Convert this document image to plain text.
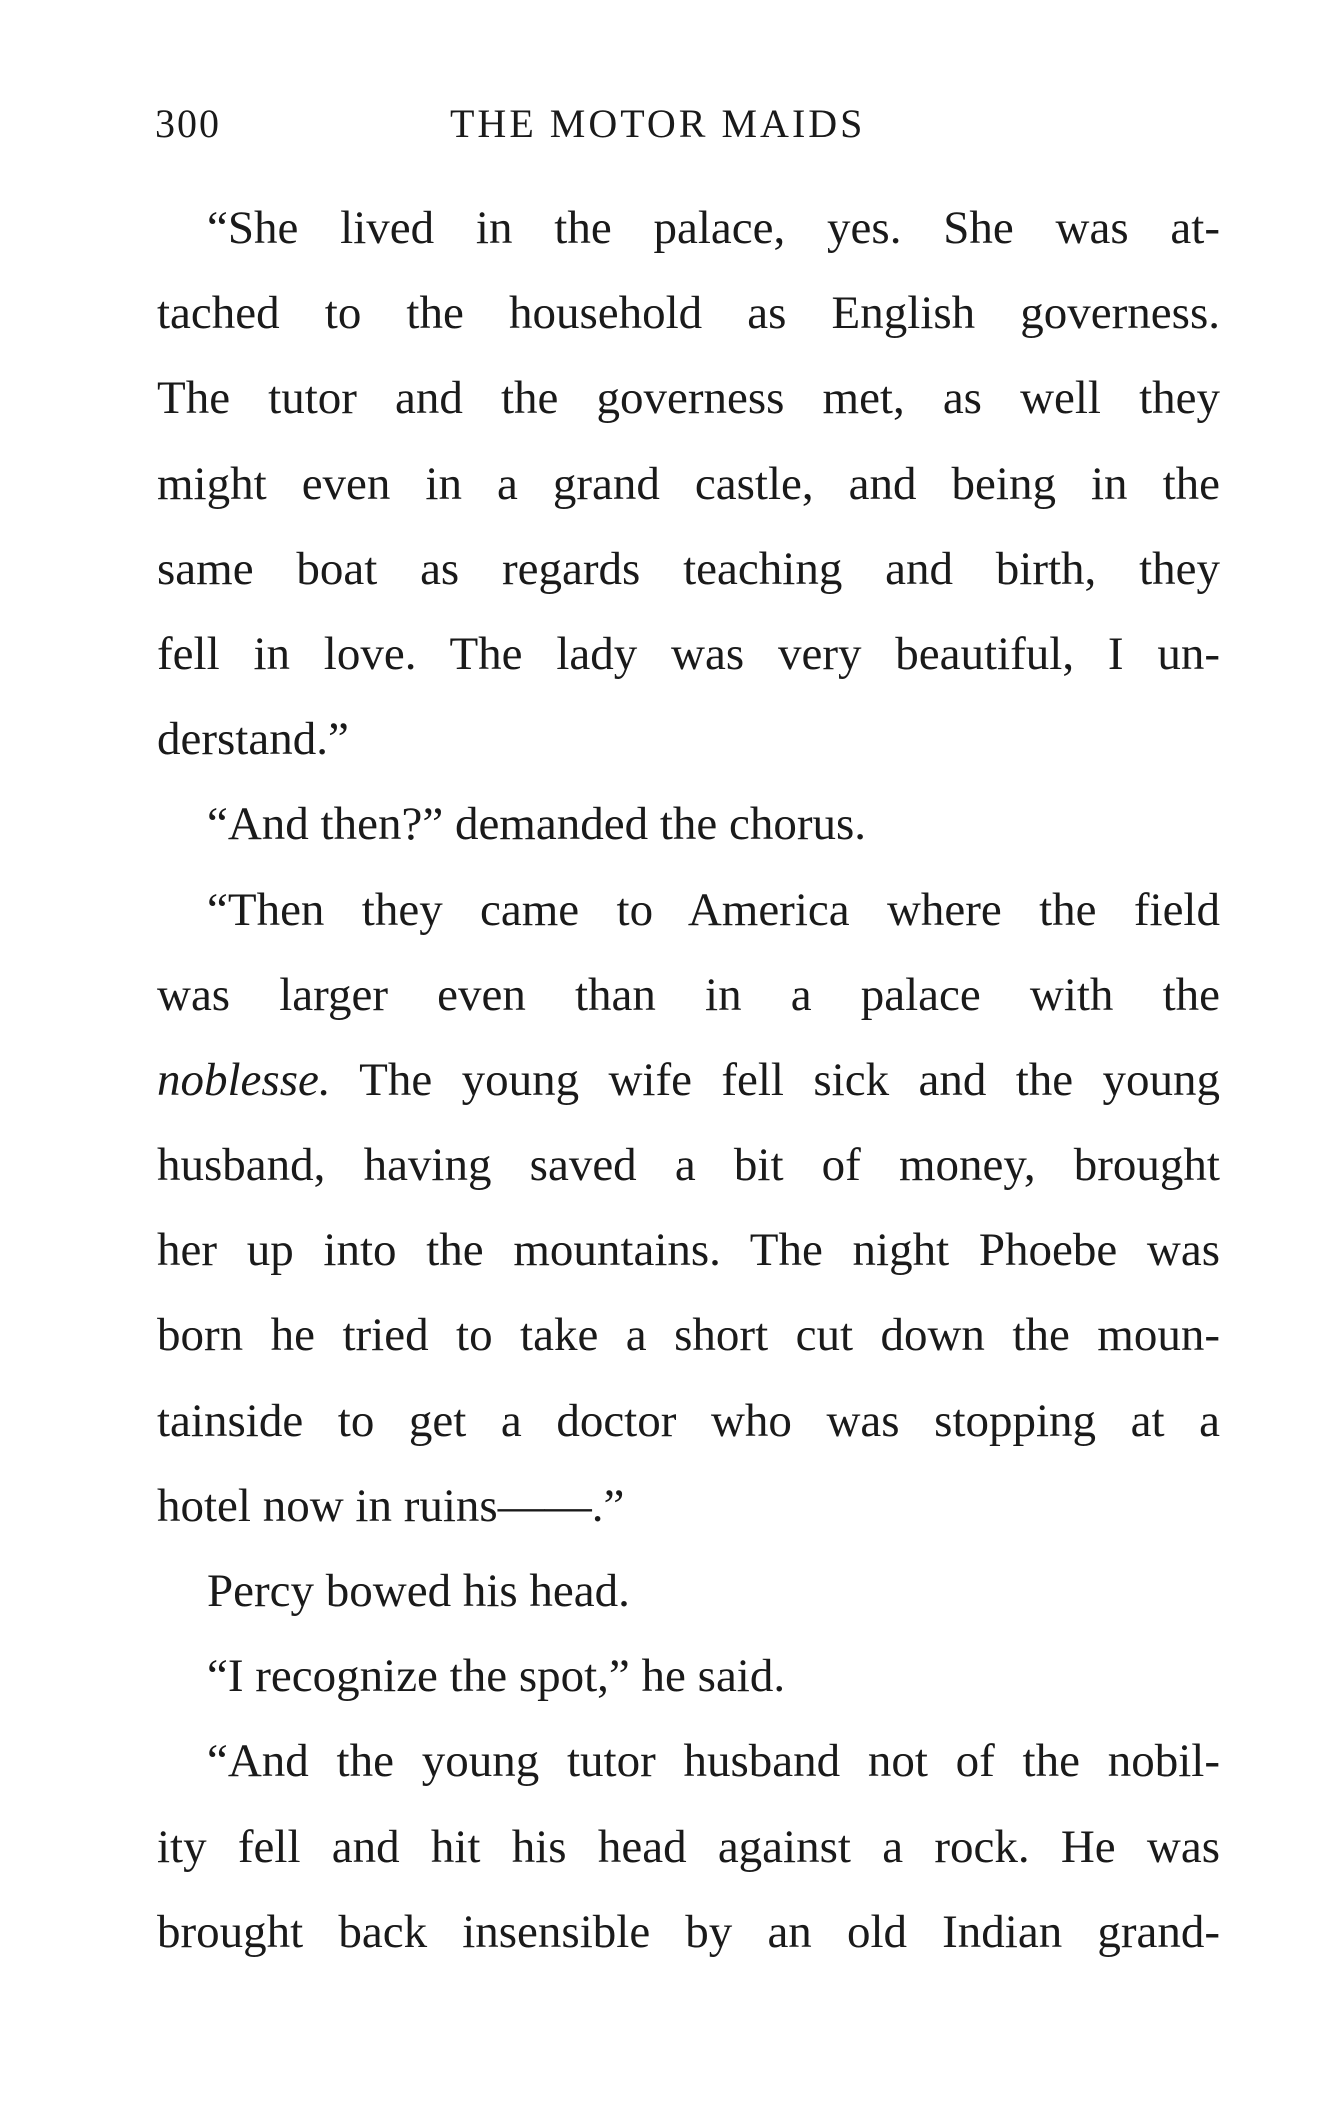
300	THE MOTOR MAIDS
“She lived in the palace, yes. She was at-
tached to the household as English governess.
The tutor and the governess met, as well they
might even in a grand castle, and being in the
same boat as regards teaching and birth, they
fell in love. The lady was very beautiful, I un-
derstand.”
“And then?” demanded the chorus.
“Then they came to America where the field
was larger even than in a palace with the
noblesse. The young wife fell sick and the young
husband, having saved a bit of money, brought
her up into the mountains. The night Phoebe was
born he tried to take a short cut down the moun-
tainside to get a doctor who was stopping at a
hotel now in ruins——.”
Percy bowed his head.
“I recognize the spot,” he said.
“And the young tutor husband not of the nobil-
ity fell and hit his head against a rock. He was
brought back insensible by an old Indian grand-
